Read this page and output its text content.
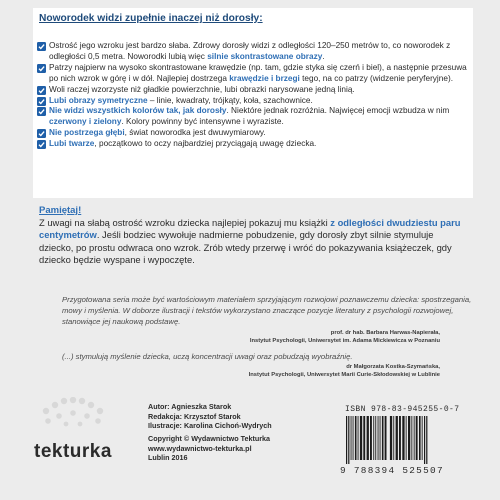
Noworodek widzi zupełnie inaczej niż dorosły:
Ostrość jego wzroku jest bardzo słaba. Zdrowy dorosły widzi z odległości 120–250 metrów to, co noworodek z odległości 0,5 metra. Noworodki lubią więc silnie skontrastowane obrazy.
Patrzy najpierw na wysoko skontrastowane krawędzie (np. tam, gdzie styka się czerń i biel), a następnie przesuwa po nich wzrok w górę i w dół. Najlepiej dostrzega krawędzie i brzegi tego, na co patrzy (widzenie peryferyjne).
Woli raczej wzorzyste niż gładkie powierzchnie, lubi obrazki narysowane jedną linią.
Lubi obrazy symetryczne – linie, kwadraty, trójkąty, koła, szachownice.
Nie widzi wszystkich kolorów tak, jak dorosły. Niektóre jednak rozróżnia. Najwięcej emocji wzbudza w nim czerwony i zielony. Kolory powinny być intensywne i wyraziste.
Nie postrzega głębi, świat noworodka jest dwuwymiarowy.
Lubi twarze, początkowo to oczy najbardziej przyciągają uwagę dziecka.
Pamiętaj!
Z uwagi na słabą ostrość wzroku dziecka najlepiej pokazuj mu książki z odległości dwudziestu paru centymetrów. Jeśli bodziec wywołuje nadmierne pobudzenie, gdy dorosły zbyt silnie stymuluje dziecko, po prostu odwraca ono wzrok. Zrób wtedy przerwę i wróć do pokazywania książeczek, gdy dziecko będzie wyspane i wypoczęte.
Przygotowana seria może być wartościowym materiałem sprzyjającym rozwojowi poznawczemu dziecka: spostrzegania, mowy i myślenia. W doborze ilustracji i tekstów wykorzystano znaczące pozycje literatury z psychologii rozwojowej, stanowiące jej naukową podstawę.
prof. dr hab. Barbara Harwas-Napierała,
Instytut Psychologii, Uniwersytet im. Adama Mickiewicza w Poznaniu
(...) stymulują myślenie dziecka, uczą koncentracji uwagi oraz pobudzają wyobraźnię.
dr Małgorzata Kostka-Szymańska,
Instytut Psychologii, Uniwersytet Marii Curie-Skłodowskiej w Lublinie
tekturka
Autor: Agnieszka Starok
Redakcja: Krzysztof Starok
Ilustracje: Karolina Cichoń-Wydrych
Copyright © Wydawnictwo Tekturka
www.wydawnictwo-tekturka.pl
Lublin 2016
ISBN 978-83-945255-0-7
9 788394 525507
